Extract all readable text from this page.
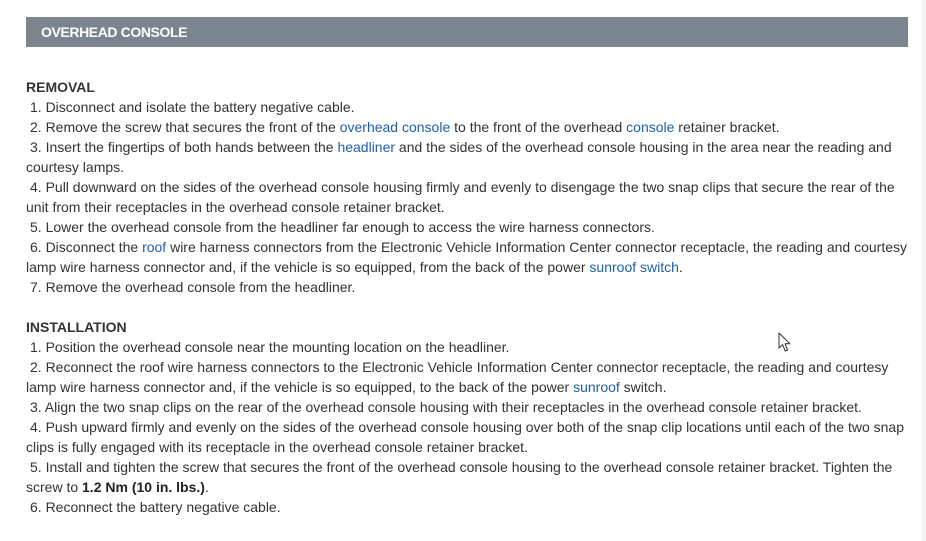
OVERHEAD CONSOLE
REMOVAL
1. Disconnect and isolate the battery negative cable.
2. Remove the screw that secures the front of the overhead console to the front of the overhead console retainer bracket.
3. Insert the fingertips of both hands between the headliner and the sides of the overhead console housing in the area near the reading and courtesy lamps.
4. Pull downward on the sides of the overhead console housing firmly and evenly to disengage the two snap clips that secure the rear of the unit from their receptacles in the overhead console retainer bracket.
5. Lower the overhead console from the headliner far enough to access the wire harness connectors.
6. Disconnect the roof wire harness connectors from the Electronic Vehicle Information Center connector receptacle, the reading and courtesy lamp wire harness connector and, if the vehicle is so equipped, from the back of the power sunroof switch.
7. Remove the overhead console from the headliner.
INSTALLATION
1. Position the overhead console near the mounting location on the headliner.
2. Reconnect the roof wire harness connectors to the Electronic Vehicle Information Center connector receptacle, the reading and courtesy lamp wire harness connector and, if the vehicle is so equipped, to the back of the power sunroof switch.
3. Align the two snap clips on the rear of the overhead console housing with their receptacles in the overhead console retainer bracket.
4. Push upward firmly and evenly on the sides of the overhead console housing over both of the snap clip locations until each of the two snap clips is fully engaged with its receptacle in the overhead console retainer bracket.
5. Install and tighten the screw that secures the front of the overhead console housing to the overhead console retainer bracket. Tighten the screw to 1.2 Nm (10 in. lbs.).
6. Reconnect the battery negative cable.
